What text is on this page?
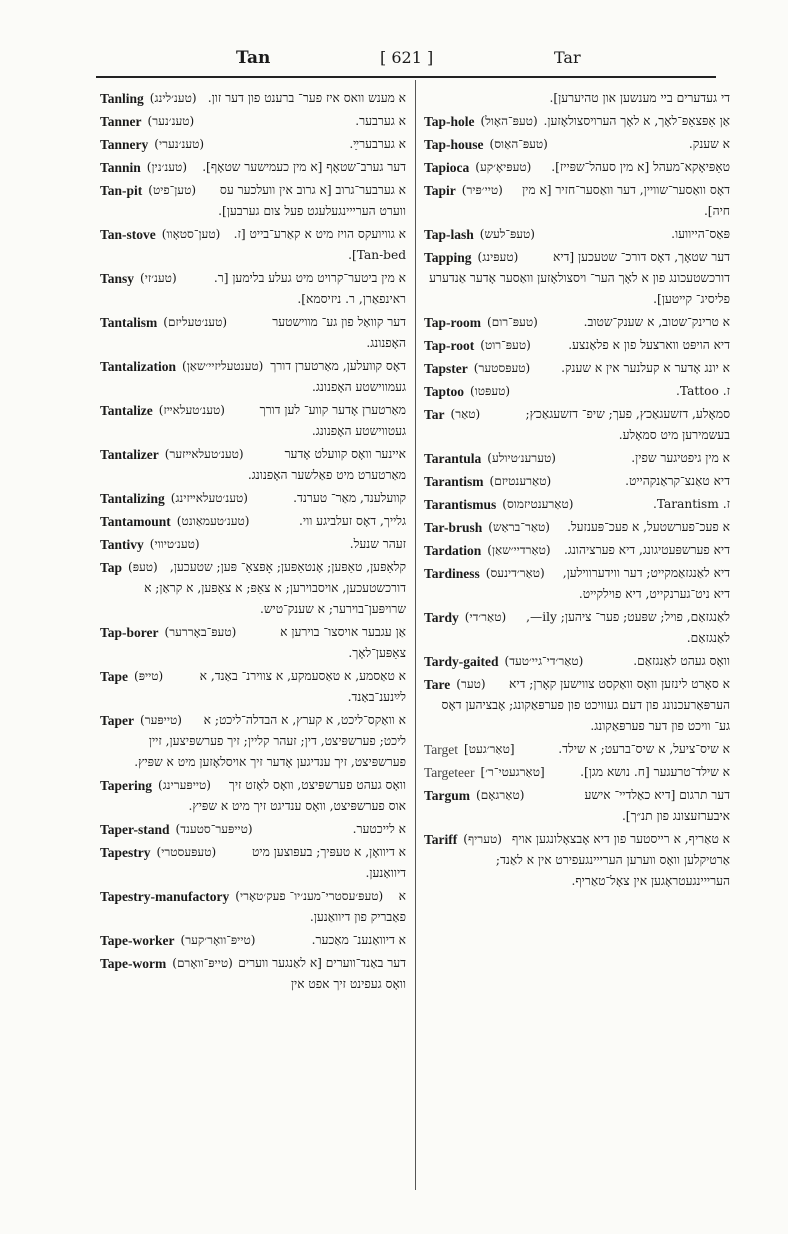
Tan	[ 621 ]	Tar
Tanling (טענ׳לינג) א מענש וואס איז פער־ ברענט פון דער זון.
Tanner (טענ׳נער)	א גערבער.
Tannery (טענ׳נערי)	א גערבערײַ.
Tannin (טענ׳נין)	דער גערב־שטאָף [א מין כעמישער שטאָף].
Tan-pit (טען־פיט)	א גערבער־גרוב [א גרוב אין וועלכער עס ווערט הערייינגעלעגט פעל צום גערבען].
Tan-stove (טען־סטאָוו)	א גוויועקס הויז מיט א קאַרע־בייט [ז. Tan-bed].
Tansy (טענ׳זי)	א מין ביטער־קרויט מיט געלע בלימען [ר. ראינפאַרן, ר. ניזיסמא].
Tantalism (טענ׳טעליזם)	דער קוואַל פון גע־ מווישטער האָפנונג.
Tantalization (טענטעליזיי׳שאַן) דאָס קוועלען, מאַרטערן דורך געמווישטע האָפנונג.
Tantalize (טענ׳טעלאײז)	מאַרטערן אָדער קווע־ לען דורך געטווישטע האָפנונג.
Tantalizer (טענ׳טעלאײזער)	איינער וואָס קוועלט אָדער מאַרטערט מיט פאַלשער האָפנונג.
Tantalizing (טענ׳טעלאײזינג)	קוועלענד, מאַר־ טערנד.
Tantamount (טענ׳טעמאַונט)	גלייך, דאָס זעלביגע ווי.
Tantivy (טענ׳טיווי)	זעהר שנעל.
Tap (טעפּ) קלאַפּען, טאַפּען; אָנטאַפּען; אָפּצאַ־ פּען; שטעכען, דורכשטעכען, אויסבוירען; א צאַפּ; א צאַפּען, א קראַן; א שרויפּען־בוירער; א שענק־טיש.
Tap-borer (טעפּ־באָררער)	אַן עגבער אויסצו־ בוירען א צאַפּען־לאָך.
Tape (טייפּ)	א טאַסמע, א טאַסעמקע, א צווירנ־ באַנד, א לײַנענ־באַנד.
Taper (טייפּער)	א וואַקס־ליכט, א קערץ, א הבדלה־ליכט; א ליכט; פערשפּיצט, דין; זעהר קליין; זיך פערשפּיצען, זיין פערשפּיצט, זיך ענדיגען אָדער זיך אויסלאָזען מיט א שפּיץ.
Tapering (טייפּערינג)	וואָס געהט פערשפּיצט, וואָס לאָזט זיך אוס פערשפּיצט, וואָס ענדיגט זיך מיט א שפּיץ.
Taper-stand (טייפּער־סטענד)	א לייכטער.
Tapestry (טעפּעסטרי)	א דיוואָן, א טעפּיך; בעפּוצען מיט דיוואַנען.
Tapestry-manufactory (טעפּ׳עסטרי־מענ׳יו־ פעק׳טאָרי)	א פאַבריק פון דיוואַנען.
Tape-worker (טייפּ־וואָר׳קער)	א דיוואַנענ־ מאַכער.
Tape-worm (טייפּ־וואָרם) דער באַנד־ווערים [א לאַנגער ווערים וואָס געפינט זיך אפט אין
די געדערים ביי מענשען און טהיערען].
Tap-hole (טעפּ־האָול) אַן אַפּצאַפּ־לאָך, א לאָך הערויסצולאָזען.
Tap-house (טעפּ־האַוס)	א שענק.
Tapioca (טעפּיאָ׳קע)	טאַפּיאָקא־מעהל [א מין סעהל־שפּייז].
Tapir (טיי׳פּיר)	דאָס וואַסער־שוויין, דער וואַסער־חזיר [א מין חיה].
Tap-lash (טעפּ־לעש)	פּאַס־הייוועו.
Tapping (טעפּינג)	דער שטאָך, דאָס דורכ־ שטעכען [דיא דורכשטעכונג פון א לאָך הער־ ויסצולאָזען וואַסער אָדער אַנדערע פליסיג־ קייטען].
Tap-room (טעפּ־רום)	א טרינק־שטוב, א שענק־שטוב.
Tap-root (טעפּ־רוט)	דיא הויפּט ווארצעל פון א פלאַנצע.
Tapster (טעפּסטער)	א יונג אָדער א קעלנער אין א שענק.
Taptoo (טעפּטו)	ז. Tattoo.
Tar (טאַר)	סמאָלע, דזשעגאַכץ, פעך; שיפ־ דזשעגאַכץ; בעשמירען מיט סמאָלע.
Tarantula (טערענ׳טיולע)	א מין גיפטיגער שפין.
Tarantism (טאַרענטיזם)	דיא טאַנצ־קראַנקהייט.
Tarantismus (טאַרענטיזמוס)	ז. Tarantism.
Tar-brush (טאַר־בראַש)	א פעכ־פערשטעל, א פעכ־פּענזעל.
Tardation (טאַרדיי׳שאַן)	דיא פערשפּעטיגונג, דיא פערציהונג.
Tardiness (טאַר׳דינעס)	דיא לאַנגזאַמקייט; דער ווידערווילען, דיא ניט־גערנקייט, דיא פוילקייט.
Tardy (טאַר׳די)	לאַנגזאַם, פויל; שפּעט; פער־ ציהען; ily—, לאַנגזאַם.
Tardy-gaited (טאַר׳די־גיי׳טעד)	וואָס געהט לאַנגזאַם.
Tare (טער)	א סאָרט לינזען וואָס וואַקסט צווישען קאָרן; דיא הערפּאַרעכנונג פון דעם געוויכט פון פערפּאַקונג; אָבציהען דאָס גע־ וויכט פון דער פערפּאַקונג.
Target [טאַר׳געט]	א שיס־ציעל, א שיס־ברעט; א שילד.
Targeteer [טאַרגעטי־ר׳]	א שילד־טרעגער [ח. נושא מגן].
Targum (טאַרגאָם)	דער תרגום [דיא כאַלדיי־ אישע איבערזעצונג פון תנ״ך].
Tariff (טעריף) א טאַריף, א רייסטער פון דיא אָבצאָלונגען אויף אַרטיקלען וואָס ווערען הערייינגעפירט אין א לאַנד; הערייינגעטראָגען אין צאָל־טאַריף.
